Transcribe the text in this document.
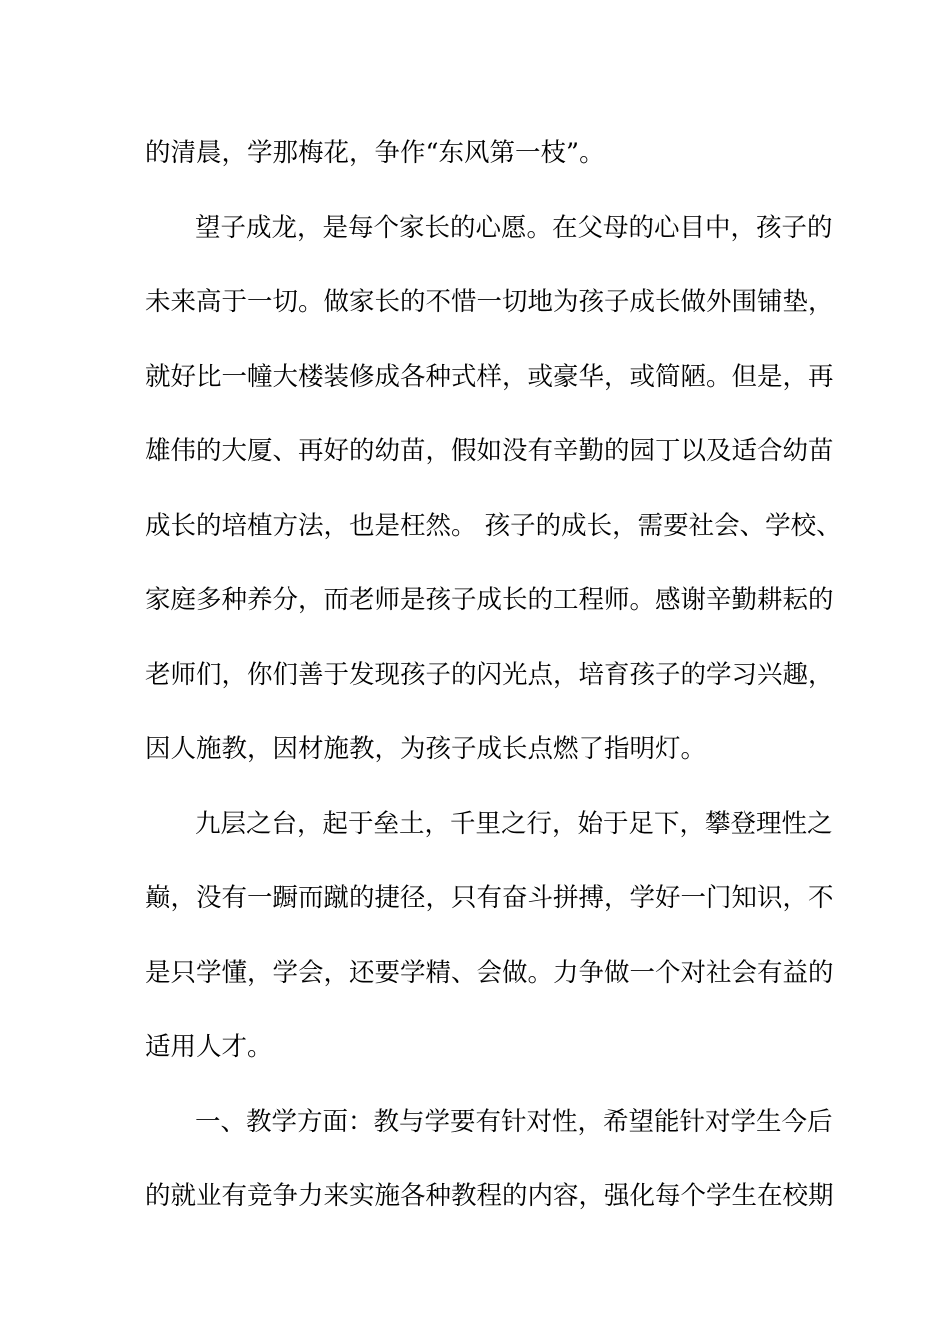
的清晨，学那梅花，争作“东风第一枝”。
望子成龙，是每个家长的心愿。在父母的心目中，孩子的
未来高于一切。做家长的不惜一切地为孩子成长做外围铺垫，
就好比一幢大楼装修成各种式样，或豪华，或简陋。但是，再
雄伟的大厦、再好的幼苗，假如没有辛勤的园丁以及适合幼苗
成长的培植方法，也是枉然。 孩子的成长，需要社会、学校、
家庭多种养分，而老师是孩子成长的工程师。感谢辛勤耕耘的
老师们，你们善于发现孩子的闪光点，培育孩子的学习兴趣，
因人施教，因材施教，为孩子成长点燃了指明灯。
九层之台，起于垒土，千里之行，始于足下，攀登理性之
巅，没有一蹰而蹴的捷径，只有奋斗拼搏，学好一门知识，不
是只学懂，学会，还要学精、会做。力争做一个对社会有益的
适用人才。
一、教学方面：教与学要有针对性，希望能针对学生今后
的就业有竞争力来实施各种教程的内容，强化每个学生在校期
